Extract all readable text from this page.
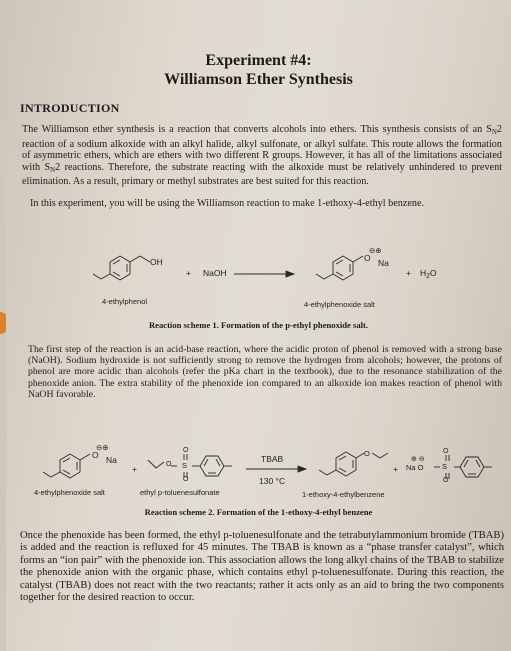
Experiment #4:
Williamson Ether Synthesis
INTRODUCTION
The Williamson ether synthesis is a reaction that converts alcohols into ethers. This synthesis consists of an $S_N2$ reaction of a sodium alkoxide with an alkyl halide, alkyl sulfonate, or alkyl sulfate. This route allows the formation of asymmetric ethers, which are ethers with two different R groups. However, it has all of the limitations associated with $S_N2$ reactions. Therefore, the substrate reacting with the alkoxide must be relatively unhindered to prevent elimination. As a result, primary or methyl substrates are best suited for this reaction.
In this experiment, you will be using the Williamson reaction to make 1-ethoxy-4-ethyl benzene.
OH
+ NaOH →
⊖⊕
O Na
+ $H_2O$
4-ethylphenol	4-ethylphenoxide salt
Reaction scheme 1. Formation of the p-ethyl phenoxide salt.
The first step of the reaction is an acid-base reaction, where the acidic proton of phenol is removed with a strong base (NaOH). Sodium hydroxide is not sufficiently strong to remove the hydrogen from alcohols; however, the protons of phenol are more acidic than alcohols (refer the pKa chart in the textbook), due to the resonance stabilization of the phenoxide anion. The extra stability of the phenoxide ion compared to an alkoxide ion makes reaction of phenol with NaOH favorable.
⊖⊕
O Na
+	O S
O
O
TBAB
130 °C
O
+
⊕ ⊖
Na O S
O
O
4-ethylphenoxide salt	ethyl p-toluenesulfonate	1-ethoxy-4-ethylbenzene
Reaction scheme 2. Formation of the 1-ethoxy-4-ethyl benzene
Once the phenoxide has been formed, the ethyl p-toluenesulfonate and the tetrabutylammonium bromide (TBAB) is added and the reaction is refluxed for 45 minutes. The TBAB is known as a “phase transfer catalyst”, which forms an “ion pair” with the phenoxide ion. This association allows the long alkyl chains of the TBAB to stabilize the phenoxide anion with the organic phase, which contains ethyl p-toluenesulfonate. During this reaction, the catalyst (TBAB) does not react with the two reactants; rather it acts only as an aid to bring the two components together for the desired reaction to occur.
